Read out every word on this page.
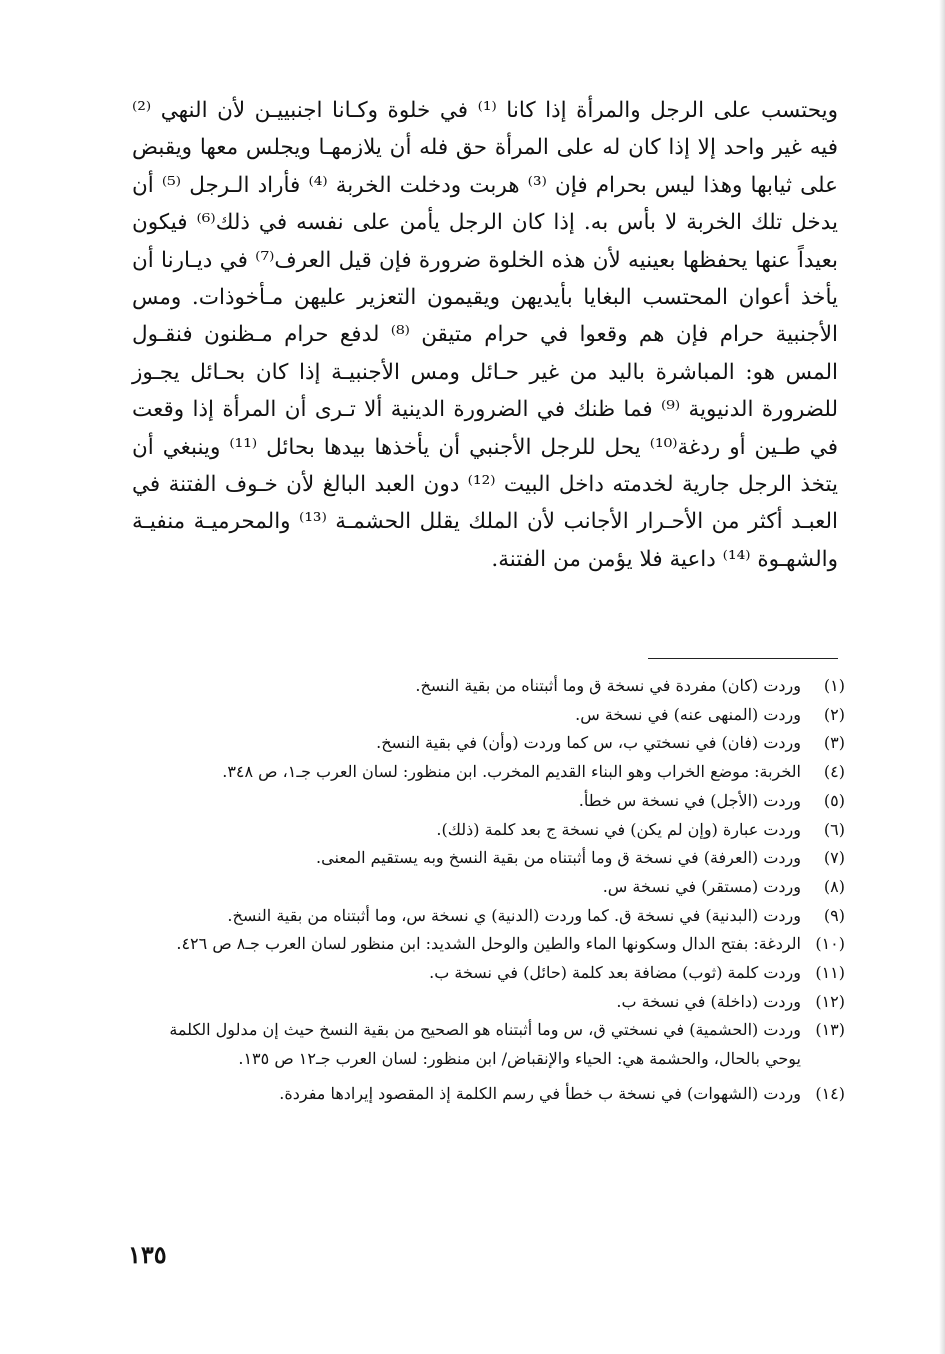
ويحتسب على الرجل والمرأة إذا كانا ⁽¹⁾ في خلوة وكـانا اجنبييـن لأن النهي ⁽²⁾ فيه غير واحد إلا إذا كان له على المرأة حق فله أن يلازمهـا ويجلس معها ويقبض على ثيابها وهذا ليس بحرام فإن ⁽³⁾ هربت ودخلت الخربة ⁽⁴⁾ فأراد الـرجل ⁽⁵⁾ أن يدخل تلك الخربة لا بأس به. إذا كان الرجل يأمن على نفسه في ذلك⁽⁶⁾ فيكون بعيداً عنها يحفظها بعينيه لأن هذه الخلوة ضرورة فإن قيل العرف⁽⁷⁾ في ديـارنا أن يأخذ أعوان المحتسب البغايا بأيديهن ويقيمون التعزير عليهن مـأخوذات. ومس الأجنبية حرام فإن هم وقعوا في حرام متيقن ⁽⁸⁾ لدفع حرام مـظنون فنقـول المس هو: المباشرة باليد من غير حـائل ومس الأجنبيـة إذا كان بحـائل يجـوز للضرورة الدنيوية ⁽⁹⁾ فما ظنك في الضرورة الدينية ألا تـرى أن المرأة إذا وقعت في طـين أو ردغة⁽¹⁰⁾ يحل للرجل الأجنبي أن يأخذها بيدها بحائل ⁽¹¹⁾ وينبغي أن يتخذ الرجل جارية لخدمته داخل البيت ⁽¹²⁾ دون العبد البالغ لأن خـوف الفتنة في العبـد أكثر من الأحـرار الأجانب لأن الملك يقلل الحشمـة ⁽¹³⁾ والمحرميـة منفيـة والشهـوة ⁽¹⁴⁾ داعية فلا يؤمن من الفتنة.

(١)
وردت (كان) مفردة في نسخة ق وما أثبتناه من بقية النسخ.
(٢)
وردت (المنهى عنه) في نسخة س.
(٣)
وردت (فان) في نسختي ب، س كما وردت (وأن) في بقية النسخ.
(٤)
الخربة: موضع الخراب وهو البناء القديم المخرب. ابن منظور: لسان العرب جـ١، ص ٣٤٨.
(٥)
وردت (الأجل) في نسخة س خطأ.
(٦)
وردت عبارة (وإن لم يكن) في نسخة ج بعد كلمة (ذلك).
(٧)
وردت (العرفة) في نسخة ق وما أثبتناه من بقية النسخ وبه يستقيم المعنى.
(٨)
وردت (مستقر) في نسخة س.
(٩)
وردت (البدنية) في نسخة ق. كما وردت (الدنية) ي نسخة س، وما أثبتناه من بقية النسخ.
(١٠)
الردغة: بفتح الدال وسكونها الماء والطين والوحل الشديد: ابن منظور لسان العرب جـ٨ ص ٤٢٦.
(١١)
وردت كلمة (ثوب) مضافة بعد كلمة (حائل) في نسخة ب.
(١٢)
وردت (داخلة) في نسخة ب.
(١٣)
وردت (الحشمية) في نسختي ق، س وما أثبتناه هو الصحيح من بقية النسخ حيث إن مدلول الكلمة يوحي بالحال، والحشمة هي: الحياء والإنقباض/ ابن منظور: لسان العرب جـ١٢ ص ١٣٥.
(١٤)
وردت (الشهوات) في نسخة ب خطأ في رسم الكلمة إذ المقصود إيرادها مفردة.
١٣٥
